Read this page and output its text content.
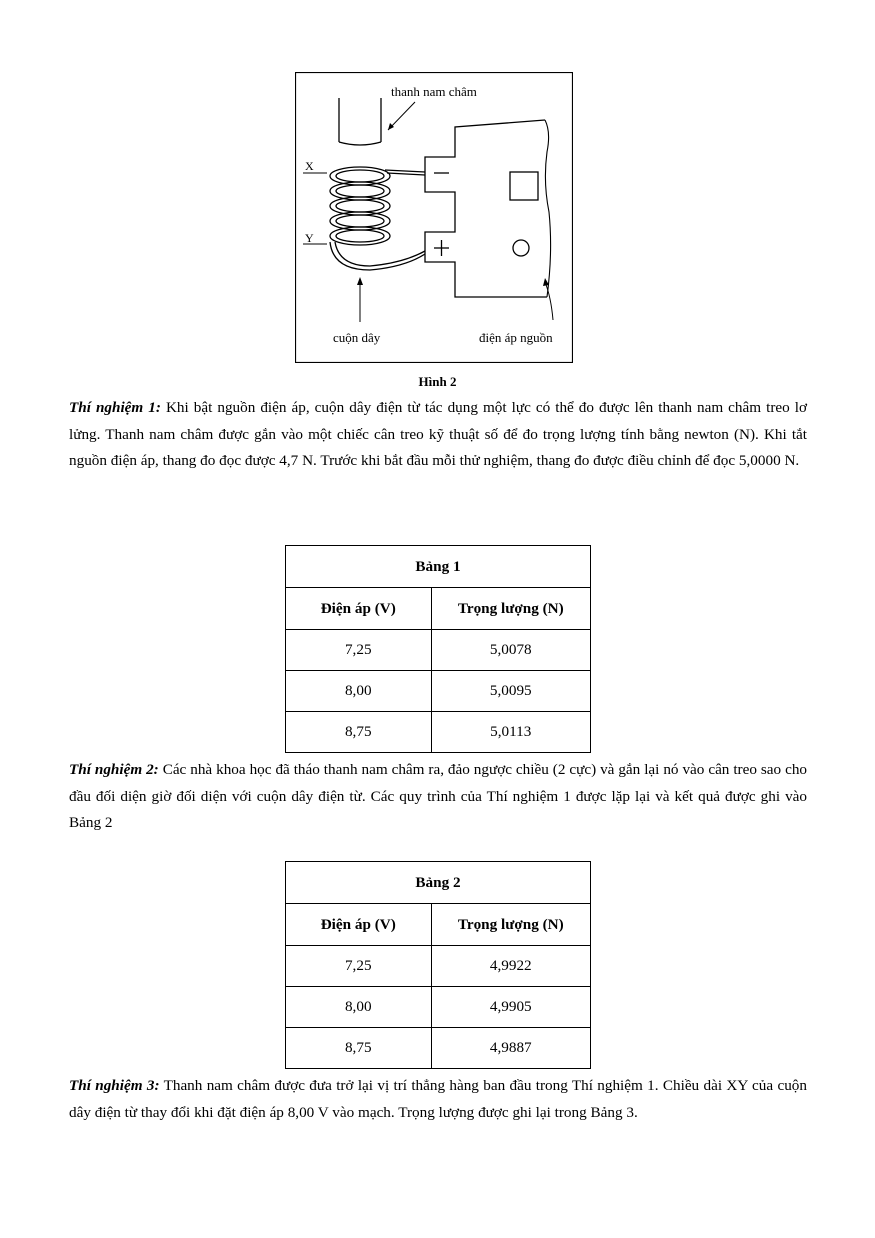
thanh nam châm
X
Y
cuộn dây	điện áp nguồn
Hình 2

Thí nghiệm 1: Khi bật nguồn điện áp, cuộn dây điện từ tác dụng một lực có thể đo được lên thanh nam châm treo lơ lửng. Thanh nam châm được gắn vào một chiếc cân treo kỹ thuật số để đo trọng lượng tính bằng newton (N). Khi tắt nguồn điện áp, thang đo đọc được 4,7 N. Trước khi bắt đầu mỗi thử nghiệm, thang đo được điều chỉnh để đọc 5,0000 N.

Bảng 1	
Điện áp (V)	Trọng lượng (N)
7,25	5,0078
8,00	5,0095
8,75	5,0113

Thí nghiệm 2: Các nhà khoa học đã tháo thanh nam châm ra, đảo ngược chiều (2 cực) và gắn lại nó vào cân treo sao cho đầu đối diện giờ đối diện với cuộn dây điện từ. Các quy trình của Thí nghiệm 1 được lặp lại và kết quả được ghi vào Bảng 2

Bảng 2	
Điện áp (V)	Trọng lượng (N)
7,25	4,9922
8,00	4,9905
8,75	4,9887

Thí nghiệm 3: Thanh nam châm được đưa trở lại vị trí thẳng hàng ban đầu trong Thí nghiệm 1. Chiều dài XY của cuộn dây điện từ thay đổi khi đặt điện áp 8,00 V vào mạch. Trọng lượng được ghi lại trong Bảng 3.
